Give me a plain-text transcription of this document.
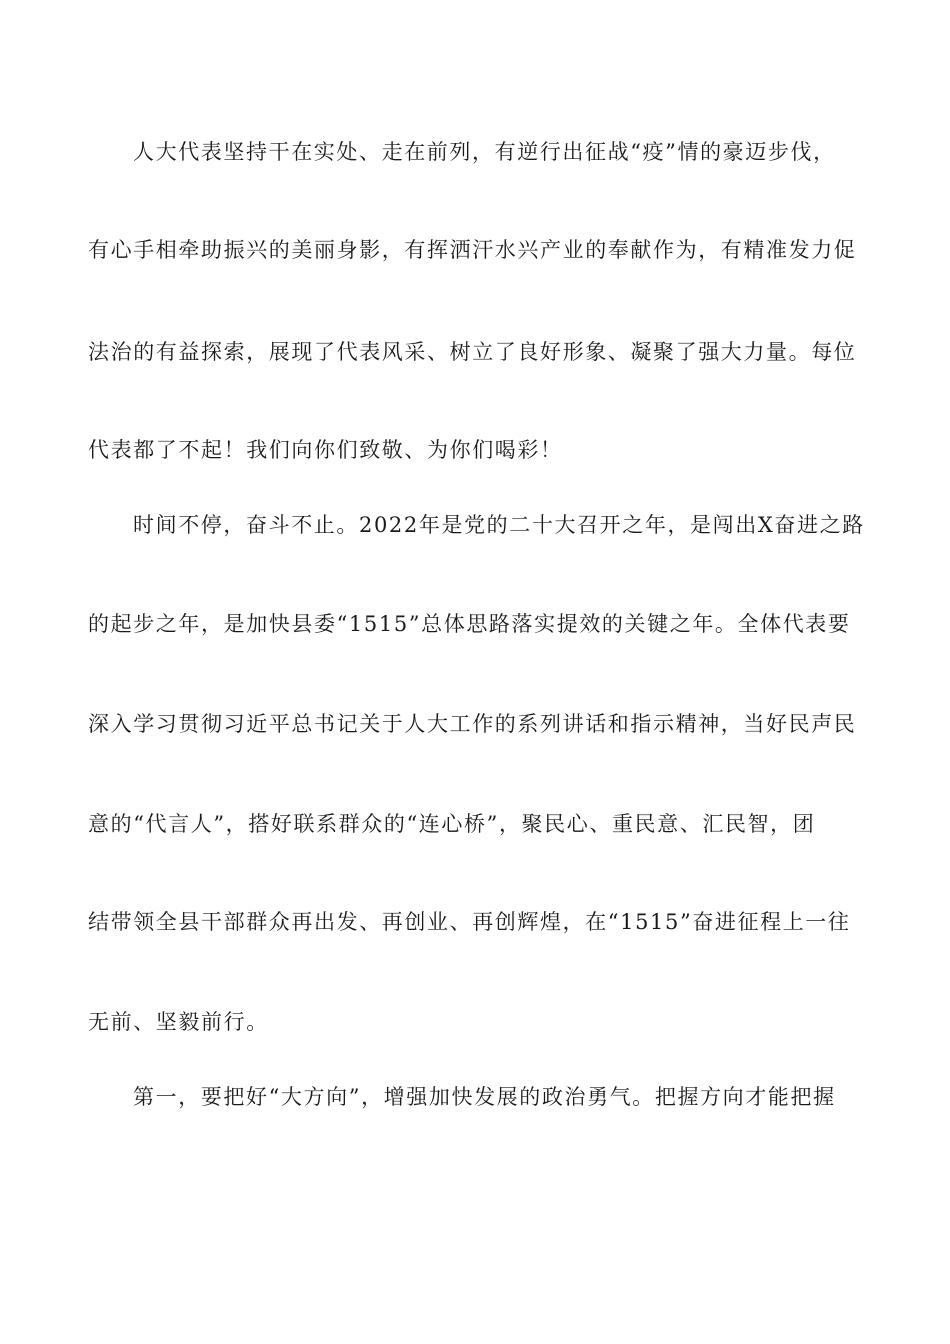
人大代表坚持干在实处、走在前列，有逆行出征战“疫”情的豪迈步伐，
有心手相牵助振兴的美丽身影，有挥洒汗水兴产业的奉献作为，有精准发力促
法治的有益探索，展现了代表风采、树立了良好形象、凝聚了强大力量。每位
代表都了不起！我们向你们致敬、为你们喝彩！
时间不停，奋斗不止。2022年是党的二十大召开之年，是闯出X奋进之路
的起步之年，是加快县委“1515”总体思路落实提效的关键之年。全体代表要
深入学习贯彻习近平总书记关于人大工作的系列讲话和指示精神，当好民声民
意的“代言人”，搭好联系群众的“连心桥”，聚民心、重民意、汇民智，团
结带领全县干部群众再出发、再创业、再创辉煌，在“1515”奋进征程上一往
无前、坚毅前行。
第一，要把好“大方向”，增强加快发展的政治勇气。把握方向才能把握
